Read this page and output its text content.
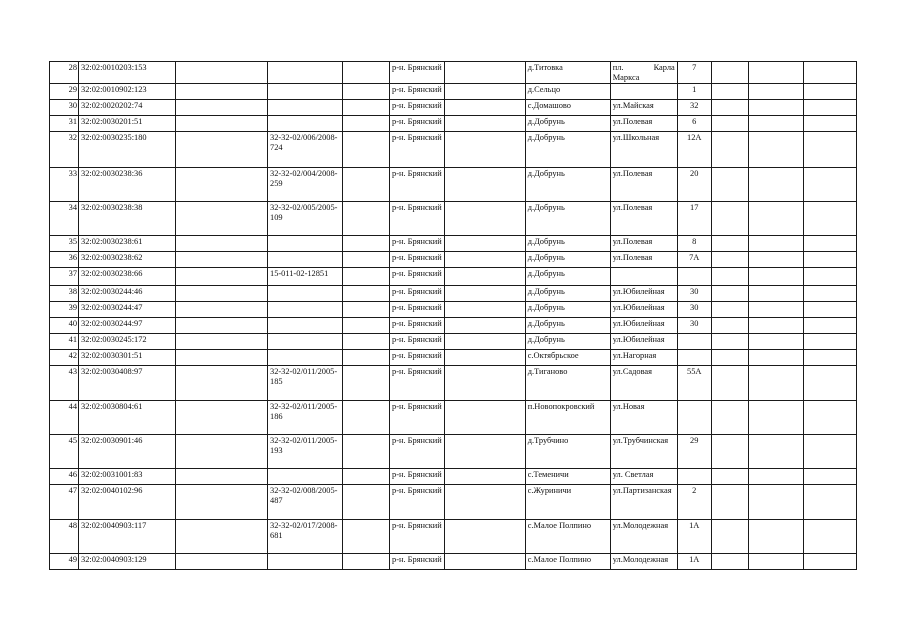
28	32:02:0010203:153				р-н. Брянский		д.Титовка	пл. Карла Маркса	7			
29	32:02:0010902:123				р-н. Брянский		д.Сельцо		1			
30	32:02:0020202:74				р-н. Брянский		с.Домашово	ул.Майская	32			
31	32:02:0030201:51				р-н. Брянский		д.Добрунь	ул.Полевая	6			
32	32:02:0030235:180		32-32-02/006/2008-724		р-н. Брянский		д.Добрунь	ул.Школьная	12А			
33	32:02:0030238:36		32-32-02/004/2008-259		р-н. Брянский		д.Добрунь	ул.Полевая	20			
34	32:02:0030238:38		32-32-02/005/2005-109		р-н. Брянский		д.Добрунь	ул.Полевая	17			
35	32:02:0030238:61				р-н. Брянский		д.Добрунь	ул.Полевая	8			
36	32:02:0030238:62				р-н. Брянский		д.Добрунь	ул.Полевая	7А			
37	32:02:0030238:66		15-011-02-12851		р-н. Брянский		д.Добрунь					
38	32:02:0030244:46				р-н. Брянский		д.Добрунь	ул.Юбилейная	30			
39	32:02:0030244:47				р-н. Брянский		д.Добрунь	ул.Юбилейная	30			
40	32:02:0030244:97				р-н. Брянский		д.Добрунь	ул.Юбилейная	30			
41	32:02:0030245:172				р-н. Брянский		д.Добрунь	ул.Юбилейная				
42	32:02:0030301:51				р-н. Брянский		с.Октябрьское	ул.Нагорная				
43	32:02:0030408:97		32-32-02/011/2005-185		р-н. Брянский		д.Тиганово	ул.Садовая	55А			
44	32:02:0030804:61		32-32-02/011/2005-186		р-н. Брянский		п.Новопокровский	ул.Новая				
45	32:02:0030901:46		32-32-02/011/2005-193		р-н. Брянский		д.Трубчино	ул.Трубчинская	29			
46	32:02:0031001:83				р-н. Брянский		с.Теменичи	ул. Светлая				
47	32:02:0040102:96		32-32-02/008/2005-487		р-н. Брянский		с.Журиничи	ул.Партизанская	2			
48	32:02:0040903:117		32-32-02/017/2008-681		р-н. Брянский		с.Малое Полпино	ул.Молодежная	1А			
49	32:02:0040903:129				р-н. Брянский		с.Малое Полпино	ул.Молодежная	1А			
